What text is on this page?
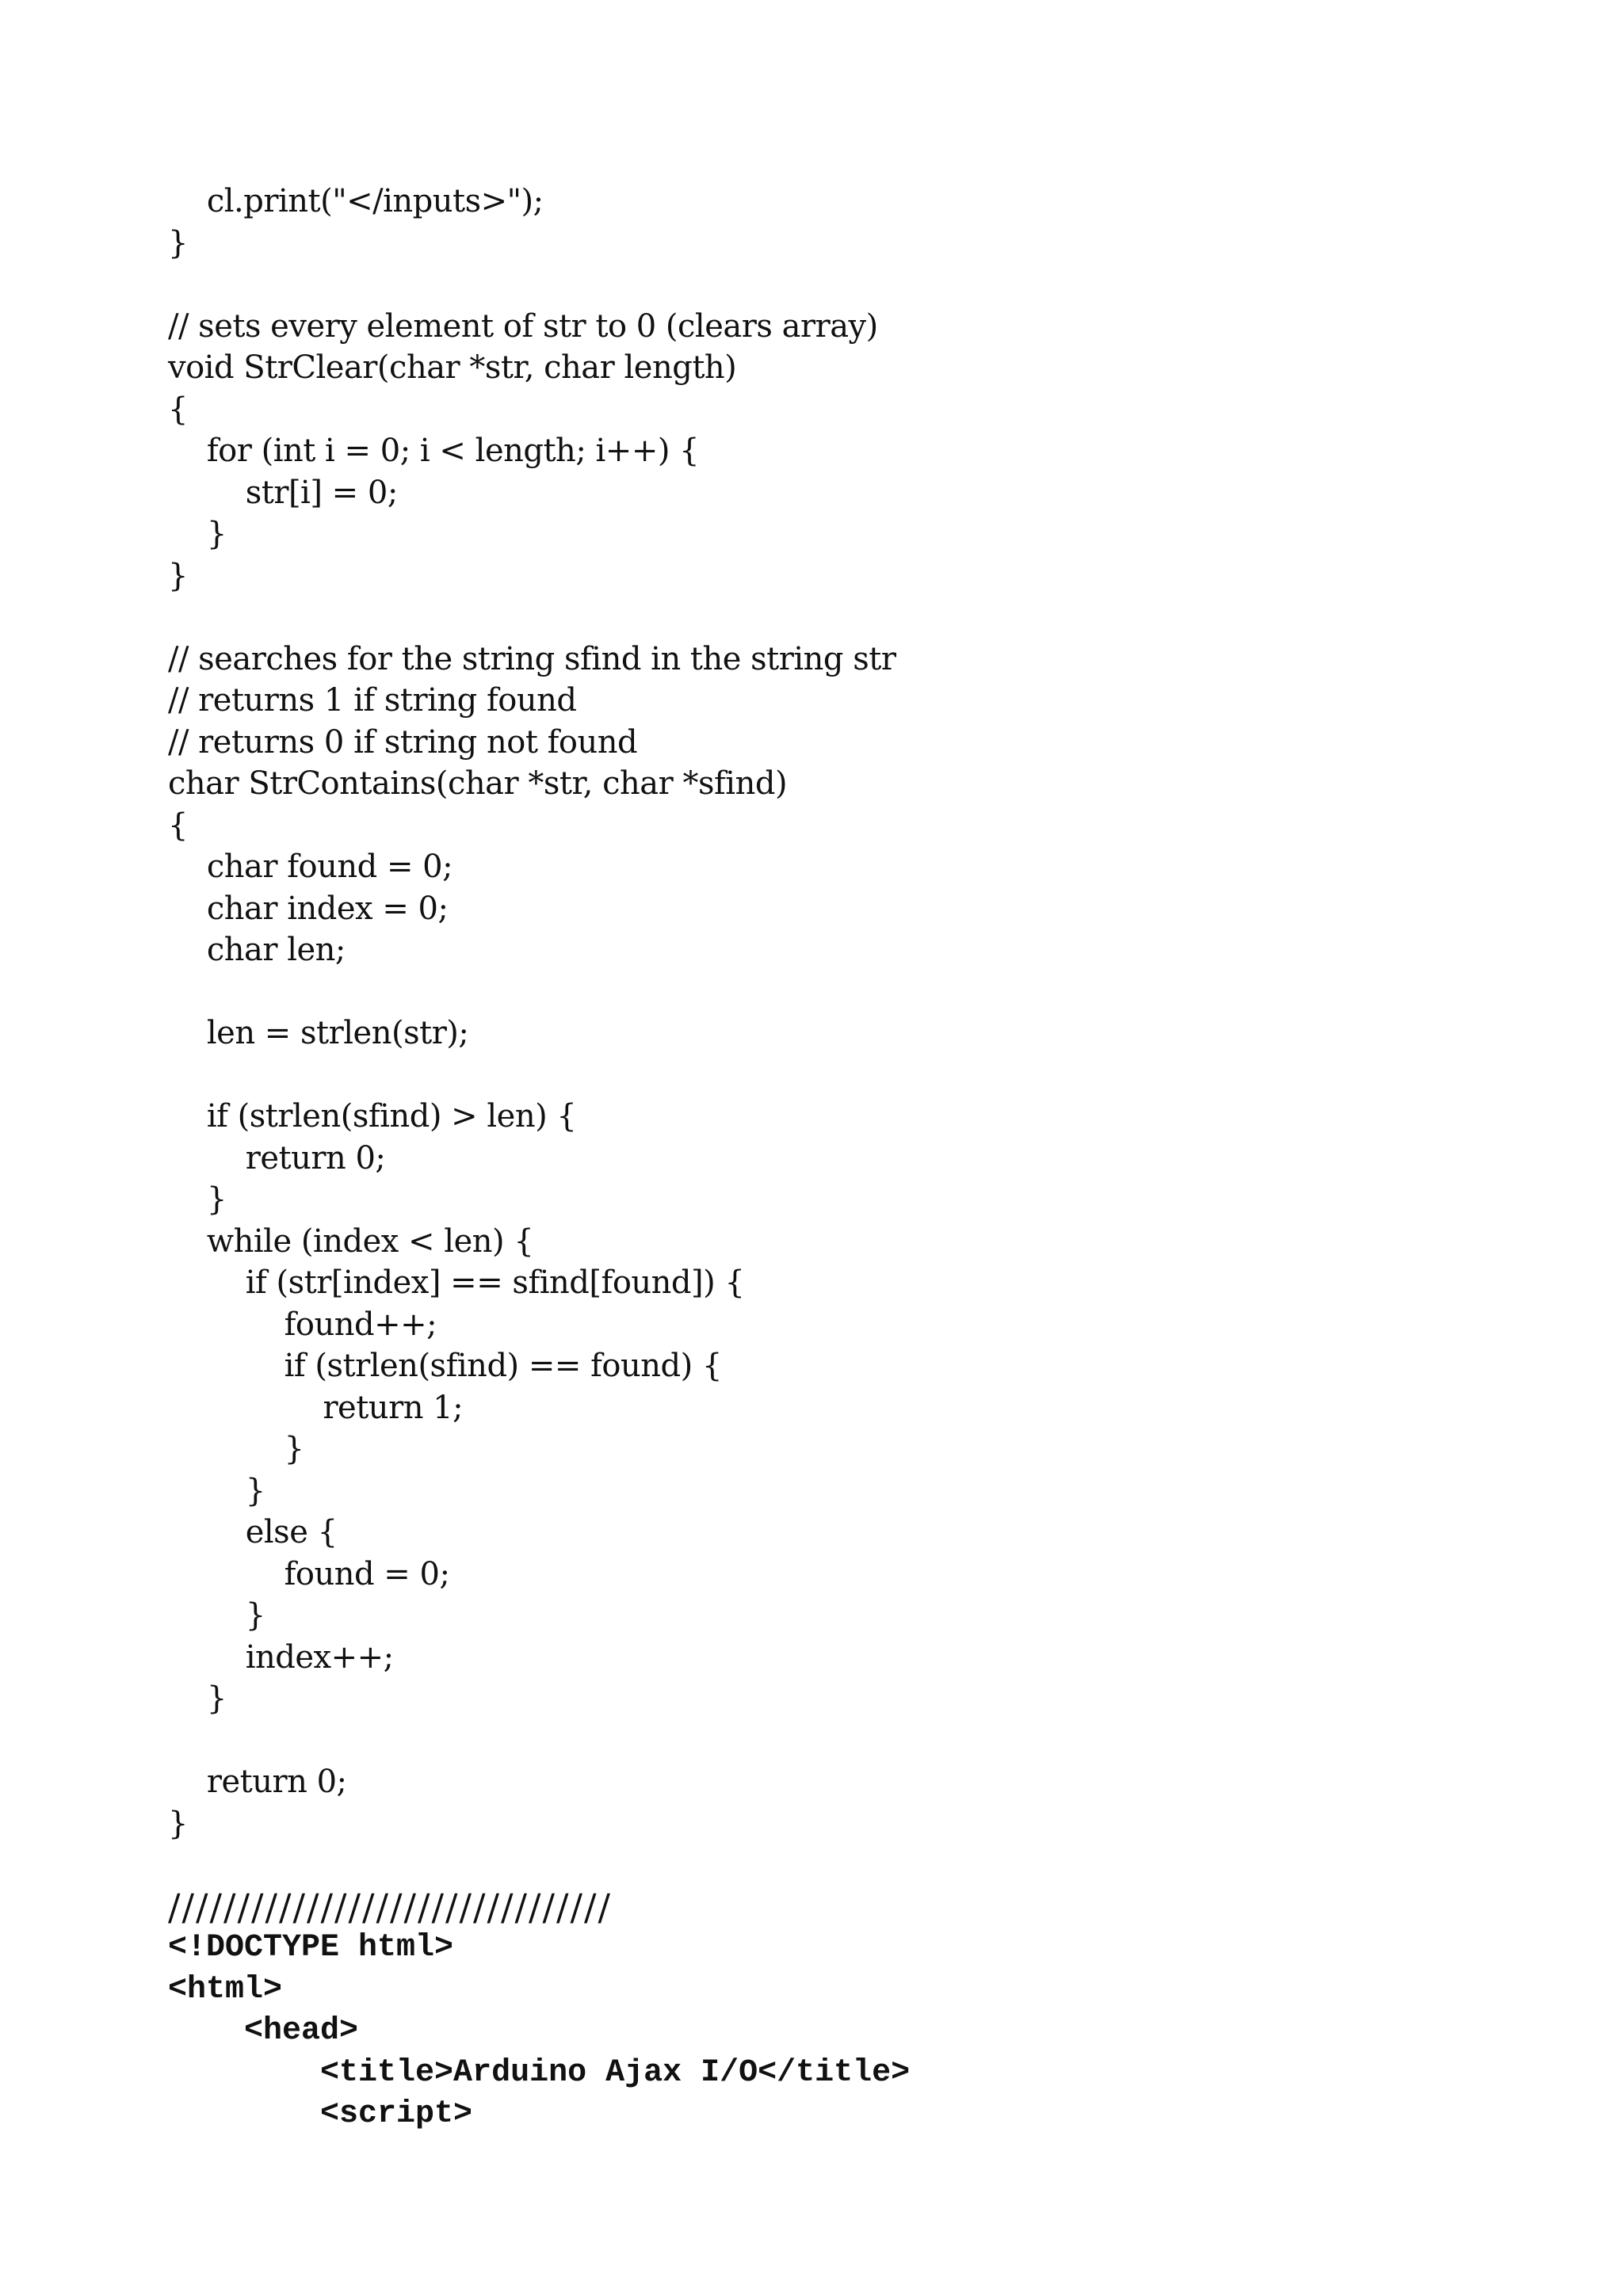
cl.print("</inputs>");
}
// sets every element of str to 0 (clears array)
void StrClear(char *str, char length)
{
for (int i = 0; i < length; i++) {
str[i] = 0;
}
}
// searches for the string sfind in the string str
// returns 1 if string found
// returns 0 if string not found
char StrContains(char *str, char *sfind)
{
char found = 0;
char index = 0;
char len;
len = strlen(str);
if (strlen(sfind) > len) {
return 0;
}
while (index < len) {
if (str[index] == sfind[found]) {
found++;
if (strlen(sfind) == found) {
return 1;
}
}
else {
found = 0;
}
index++;
}
return 0;
}
////////////////////////////////
<!DOCTYPE html>
<html>
<head>
<title>Arduino Ajax I/O</title>
<script>
